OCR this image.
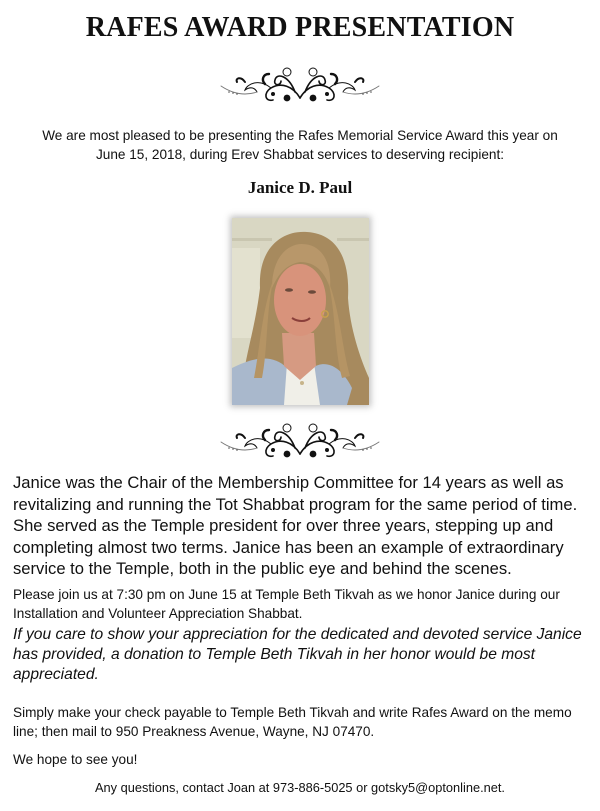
RAFES AWARD PRESENTATION
We are most pleased to be presenting the Rafes Memorial Service Award this year on
June 15, 2018, during Erev Shabbat services to deserving recipient:
Janice D. Paul
Janice was the Chair of the Membership Committee for 14 years as well as revitalizing and running the Tot Shabbat program for the same period of time. She served as the Temple president for over three years, stepping up and completing almost two terms. Janice has been an example of extraordinary service to the Temple, both in the public eye and behind the scenes.
Please join us at 7:30 pm on June 15 at Temple Beth Tikvah as we honor Janice during our Installation and Volunteer Appreciation Shabbat.
If you care to show your appreciation for the dedicated and devoted service Janice has provided, a donation to Temple Beth Tikvah in her honor would be most appreciated.
Simply make your check payable to Temple Beth Tikvah and write Rafes Award on the memo line; then mail to 950 Preakness Avenue, Wayne, NJ 07470.
We hope to see you!
Any questions, contact Joan at 973-886-5025 or gotsky5@optonline.net.
